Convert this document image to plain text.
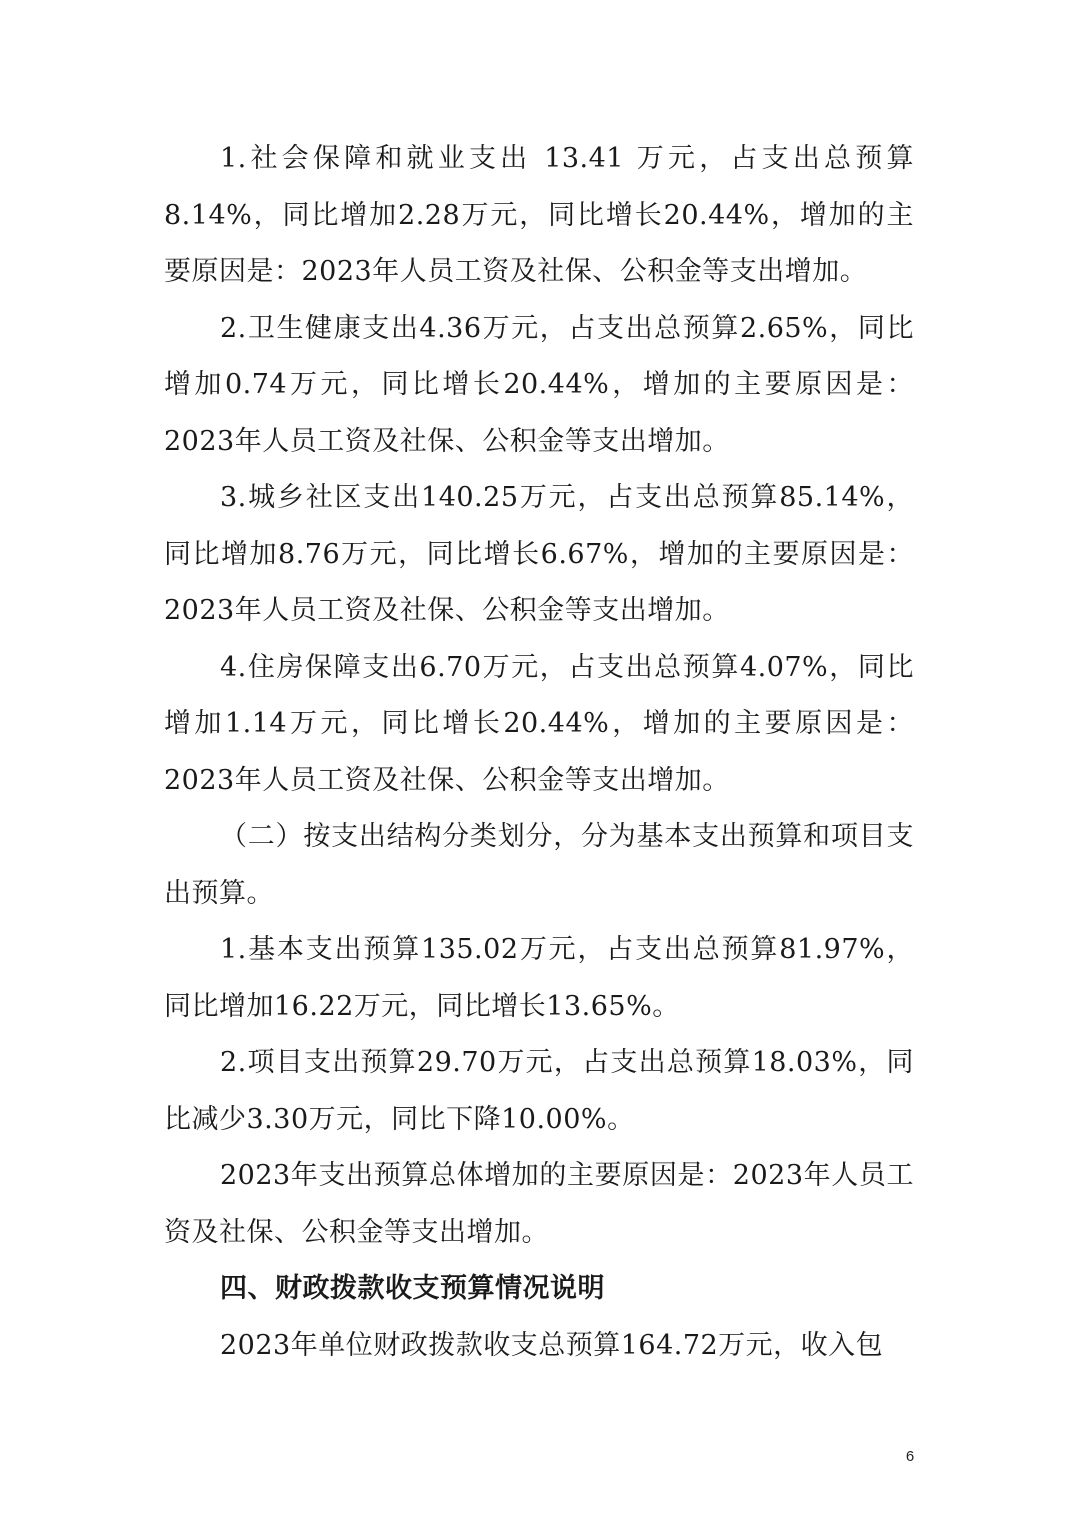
1.社会保障和就业支出 13.41 万元，占支出总预算8.14%，同比增加2.28万元，同比增长20.44%，增加的主要原因是：2023年人员工资及社保、公积金等支出增加。

2.卫生健康支出4.36万元，占支出总预算2.65%，同比增加0.74万元，同比增长20.44%，增加的主要原因是：2023年人员工资及社保、公积金等支出增加。

3.城乡社区支出140.25万元，占支出总预算85.14%，同比增加8.76万元，同比增长6.67%，增加的主要原因是：2023年人员工资及社保、公积金等支出增加。

4.住房保障支出6.70万元，占支出总预算4.07%，同比增加1.14万元，同比增长20.44%，增加的主要原因是：2023年人员工资及社保、公积金等支出增加。

（二）按支出结构分类划分，分为基本支出预算和项目支出预算。

1.基本支出预算135.02万元，占支出总预算81.97%，同比增加16.22万元，同比增长13.65%。

2.项目支出预算29.70万元，占支出总预算18.03%，同比减少3.30万元，同比下降10.00%。

2023年支出预算总体增加的主要原因是：2023年人员工资及社保、公积金等支出增加。

四、财政拨款收支预算情况说明

2023年单位财政拨款收支总预算164.72万元，收入包

6
